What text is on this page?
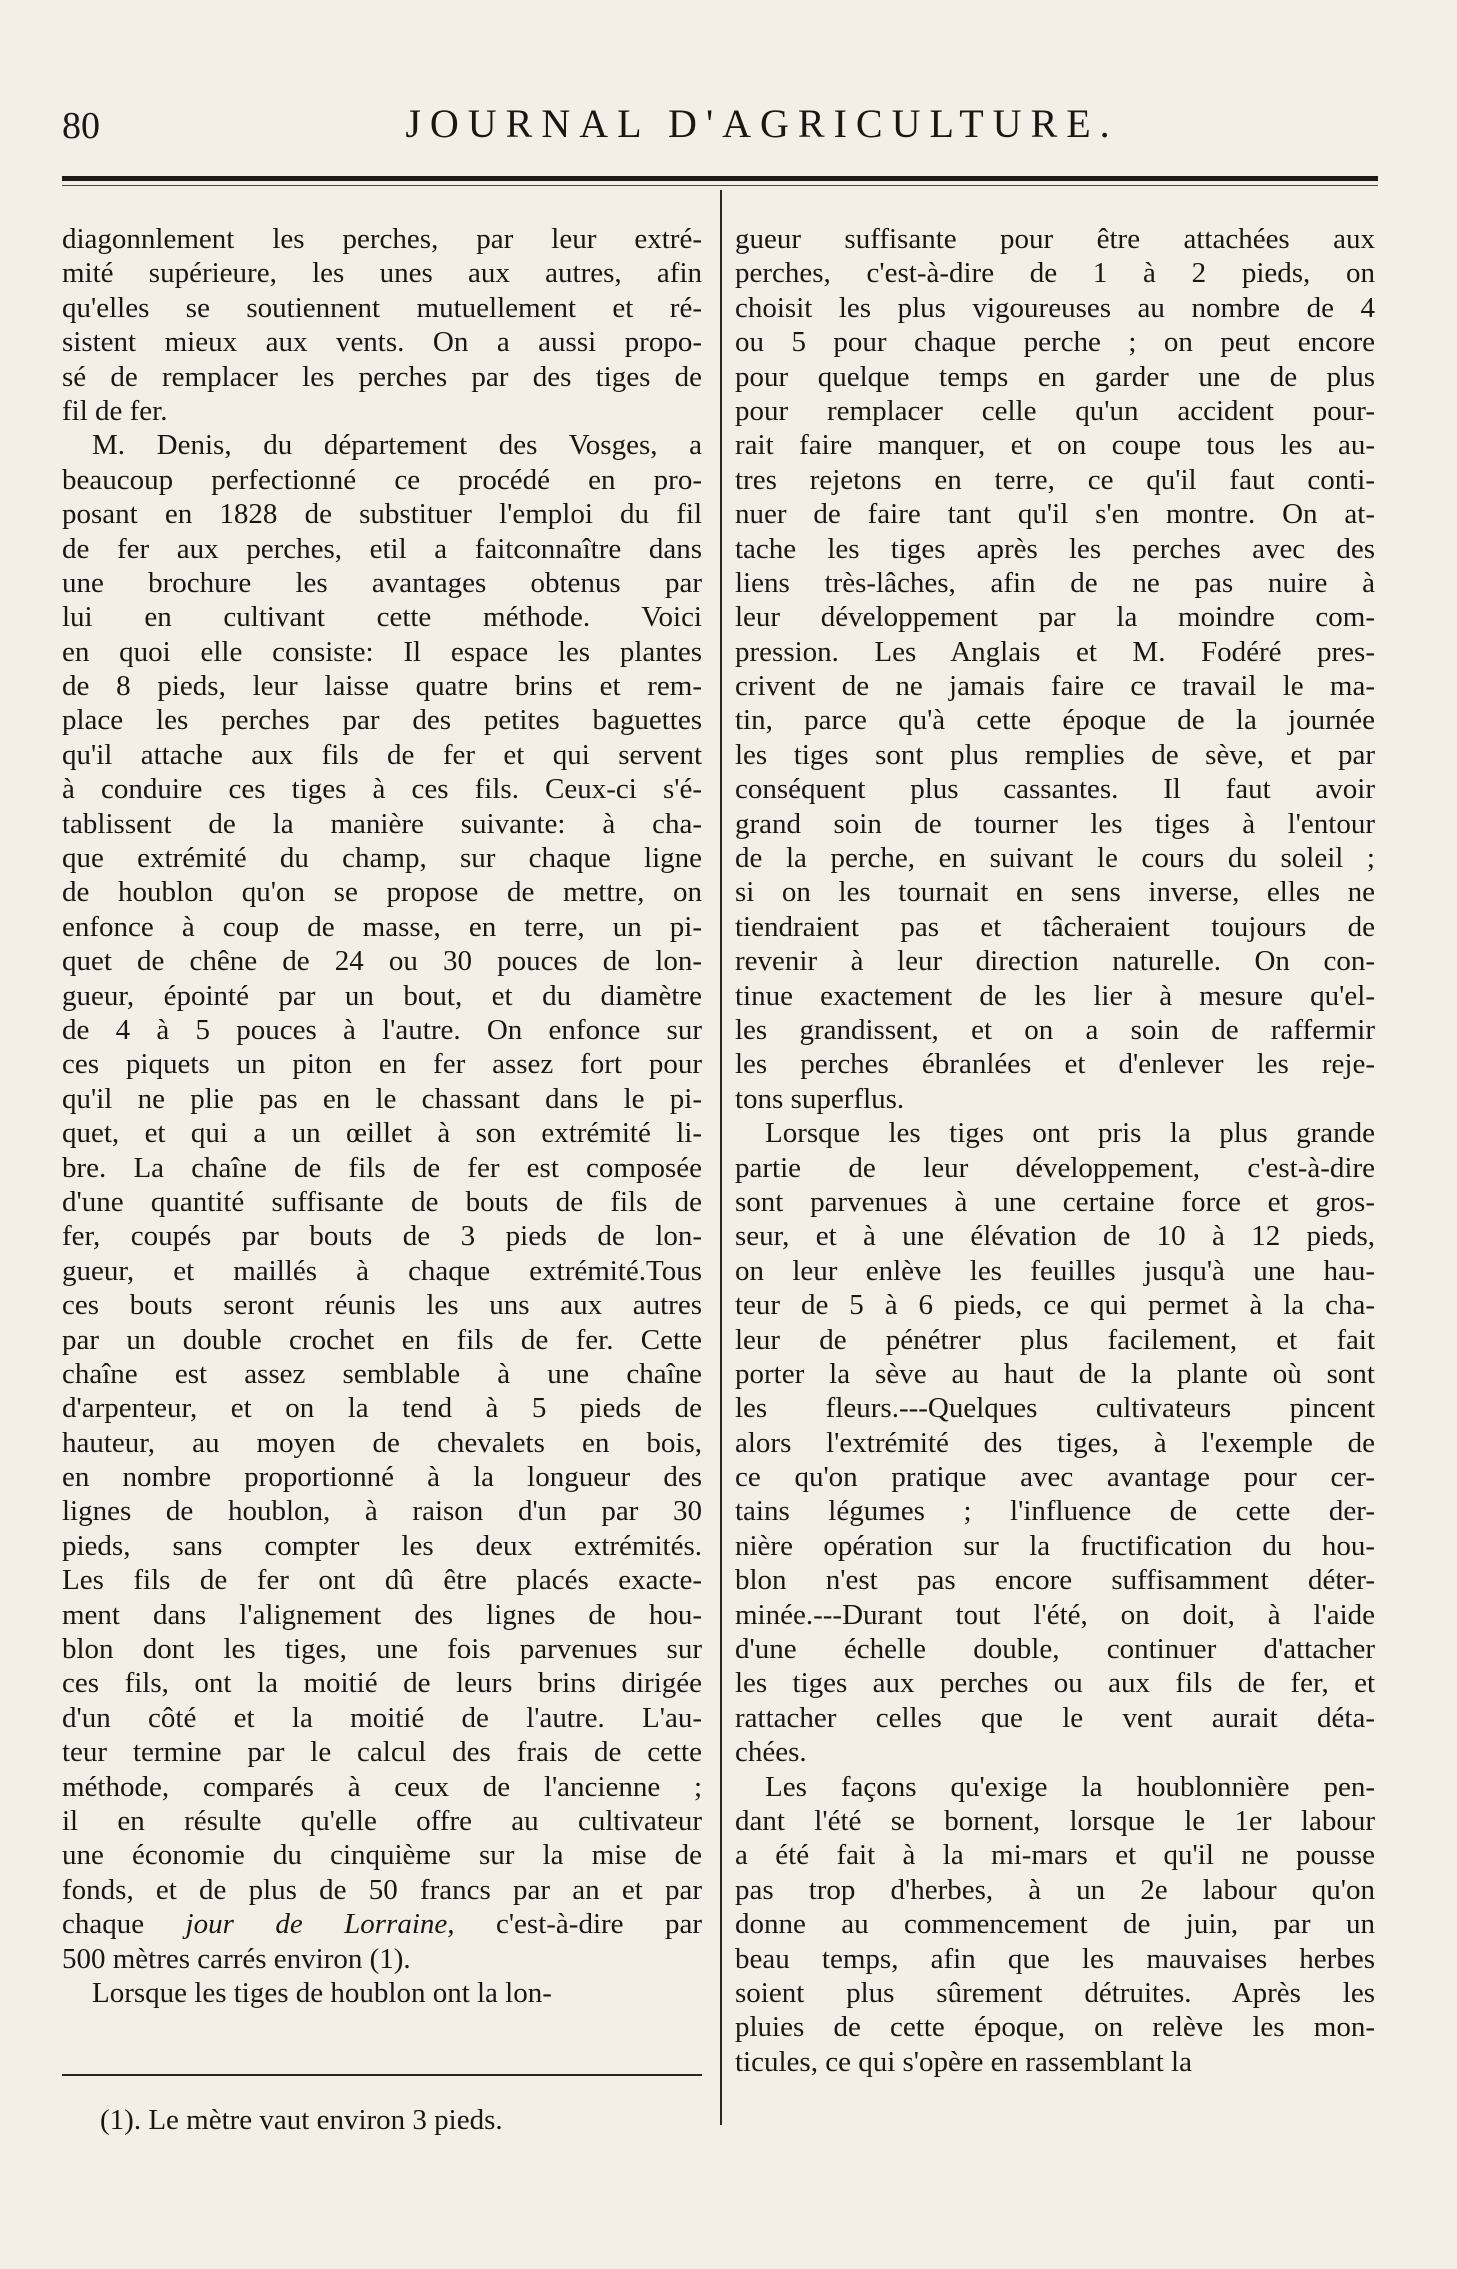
80	JOURNAL D'AGRICULTURE.
diagonnlement les perches, par leur extré-
mité supérieure, les unes aux autres, afin
qu'elles se soutiennent mutuellement et ré-
sistent mieux aux vents. On a aussi propo-
sé de remplacer les perches par des tiges de
fil de fer.
M. Denis, du département des Vosges, a
beaucoup perfectionné ce procédé en pro-
posant en 1828 de substituer l'emploi du fil
de fer aux perches, etil a faitconnaître dans
une brochure les avantages obtenus par
lui en cultivant cette méthode. Voici
en quoi elle consiste: Il espace les plantes
de 8 pieds, leur laisse quatre brins et rem-
place les perches par des petites baguettes
qu'il attache aux fils de fer et qui servent
à conduire ces tiges à ces fils. Ceux-ci s'é-
tablissent de la manière suivante: à cha-
que extrémité du champ, sur chaque ligne
de houblon qu'on se propose de mettre, on
enfonce à coup de masse, en terre, un pi-
quet de chêne de 24 ou 30 pouces de lon-
gueur, épointé par un bout, et du diamètre
de 4 à 5 pouces à l'autre. On enfonce sur
ces piquets un piton en fer assez fort pour
qu'il ne plie pas en le chassant dans le pi-
quet, et qui a un œillet à son extrémité li-
bre. La chaîne de fils de fer est composée
d'une quantité suffisante de bouts de fils de
fer, coupés par bouts de 3 pieds de lon-
gueur, et maillés à chaque extrémité.Tous
ces bouts seront réunis les uns aux autres
par un double crochet en fils de fer. Cette
chaîne est assez semblable à une chaîne
d'arpenteur, et on la tend à 5 pieds de
hauteur, au moyen de chevalets en bois,
en nombre proportionné à la longueur des
lignes de houblon, à raison d'un par 30
pieds, sans compter les deux extrémités.
Les fils de fer ont dû être placés exacte-
ment dans l'alignement des lignes de hou-
blon dont les tiges, une fois parvenues sur
ces fils, ont la moitié de leurs brins dirigée
d'un côté et la moitié de l'autre. L'au-
teur termine par le calcul des frais de cette
méthode, comparés à ceux de l'ancienne ;
il en résulte qu'elle offre au cultivateur
une économie du cinquième sur la mise de
fonds, et de plus de 50 francs par an et par
chaque jour de Lorraine, c'est-à-dire par
500 mètres carrés environ (1).
Lorsque les tiges de houblon ont la lon-
gueur suffisante pour être attachées aux
perches, c'est-à-dire de 1 à 2 pieds, on
choisit les plus vigoureuses au nombre de 4
ou 5 pour chaque perche ; on peut encore
pour quelque temps en garder une de plus
pour remplacer celle qu'un accident pour-
rait faire manquer, et on coupe tous les au-
tres rejetons en terre, ce qu'il faut conti-
nuer de faire tant qu'il s'en montre. On at-
tache les tiges après les perches avec des
liens très-lâches, afin de ne pas nuire à
leur développement par la moindre com-
pression. Les Anglais et M. Fodéré pres-
crivent de ne jamais faire ce travail le ma-
tin, parce qu'à cette époque de la journée
les tiges sont plus remplies de sève, et par
conséquent plus cassantes. Il faut avoir
grand soin de tourner les tiges à l'entour
de la perche, en suivant le cours du soleil ;
si on les tournait en sens inverse, elles ne
tiendraient pas et tâcheraient toujours de
revenir à leur direction naturelle. On con-
tinue exactement de les lier à mesure qu'el-
les grandissent, et on a soin de raffermir
les perches ébranlées et d'enlever les reje-
tons superflus.
Lorsque les tiges ont pris la plus grande
partie de leur développement, c'est-à-dire
sont parvenues à une certaine force et gros-
seur, et à une élévation de 10 à 12 pieds,
on leur enlève les feuilles jusqu'à une hau-
teur de 5 à 6 pieds, ce qui permet à la cha-
leur de pénétrer plus facilement, et fait
porter la sève au haut de la plante où sont
les fleurs.---Quelques cultivateurs pincent
alors l'extrémité des tiges, à l'exemple de
ce qu'on pratique avec avantage pour cer-
tains légumes ; l'influence de cette der-
nière opération sur la fructification du hou-
blon n'est pas encore suffisamment déter-
minée.---Durant tout l'été, on doit, à l'aide
d'une échelle double, continuer d'attacher
les tiges aux perches ou aux fils de fer, et
rattacher celles que le vent aurait déta-
chées.
Les façons qu'exige la houblonnière pen-
dant l'été se bornent, lorsque le 1er labour
a été fait à la mi-mars et qu'il ne pousse
pas trop d'herbes, à un 2e labour qu'on
donne au commencement de juin, par un
beau temps, afin que les mauvaises herbes
soient plus sûrement détruites. Après les
pluies de cette époque, on relève les mon-
ticules, ce qui s'opère en rassemblant la
(1). Le mètre vaut environ 3 pieds.
